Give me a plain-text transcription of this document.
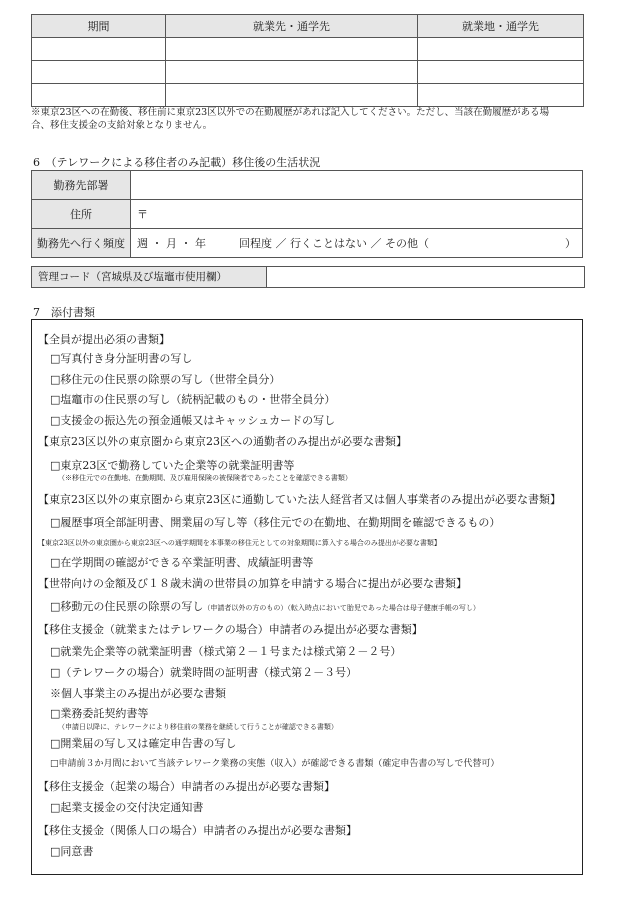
期間	就業先・通学先	就業地・通学先

※東京23区への在勤後、移住前に東京23区以外での在勤履歴があれば記入してください。ただし、当該在勤履歴がある場
合、移住支援金の支給対象となりません。
6　（テレワークによる移住者のみ記載）移住後の生活状況
勤務先部署	
住所	〒
勤務先へ行く頻度	週 ・ 月 ・ 年　　　回程度 ／ 行くことはない ／ その他（ ）
管理コード（宮城県及び塩竈市使用欄）
7　添付書類
【全員が提出必須の書類】
□写真付き身分証明書の写し
□移住元の住民票の除票の写し（世帯全員分）
□塩竈市の住民票の写し（続柄記載のもの・世帯全員分）
□支援金の振込先の預金通帳又はキャッシュカードの写し
【東京23区以外の東京圏から東京23区への通勤者のみ提出が必要な書類】
□東京23区で勤務していた企業等の就業証明書等
（※移住元での在勤地、在勤期間、及び雇用保険の被保険者であったことを確認できる書類）
【東京23区以外の東京圏から東京23区に通勤していた法人経営者又は個人事業者のみ提出が必要な書類】
□履歴事項全部証明書、開業届の写し等（移住元での在勤地、在勤期間を確認できるもの）
【東京23区以外の東京圏から東京23区への通学期間を本事業の移住元としての対象期間に算入する場合のみ提出が必要な書類】
□在学期間の確認ができる卒業証明書、成績証明書等
【世帯向けの金額及び１８歳未満の世帯員の加算を申請する場合に提出が必要な書類】
□移動元の住民票の除票の写し（申請者以外の方のもの）（転入時点において胎児であった場合は母子健康手帳の写し）
【移住支援金（就業またはテレワークの場合）申請者のみ提出が必要な書類】
□就業先企業等の就業証明書（様式第２－１号または様式第２－２号）
□（テレワークの場合）就業時間の証明書（様式第２－３号）
※個人事業主のみ提出が必要な書類
□業務委託契約書等
（申請日以降に、テレワークにより移住前の業務を継続して行うことが確認できる書類）
□開業届の写し又は確定申告書の写し
□申請前３か月間において当該テレワーク業務の実態（収入）が確認できる書類（確定申告書の写しで代替可）
【移住支援金（起業の場合）申請者のみ提出が必要な書類】
□起業支援金の交付決定通知書
【移住支援金（関係人口の場合）申請者のみ提出が必要な書類】
□同意書
